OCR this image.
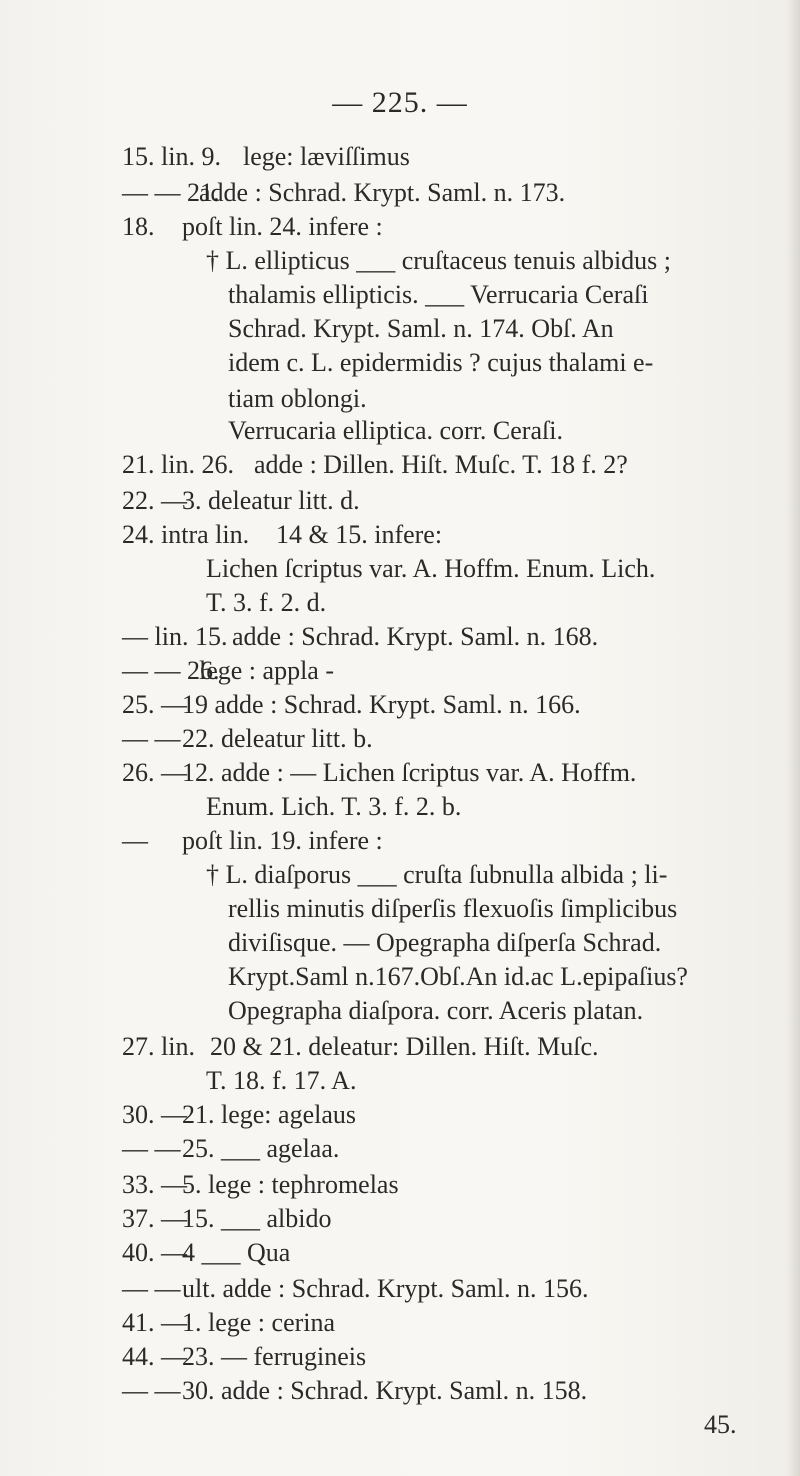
— 225. —
15. lin. 9. lege: læviſſimus
— — 21.
adde : Schrad. Krypt. Saml. n. 173.
18. poſt lin. 24. infere :
† L. ellipticus ___ cruſtaceus tenuis albidus ;
thalamis ellipticis. ___ Verrucaria Ceraſi
Schrad. Krypt. Saml. n. 174. Obſ. An
idem c. L. epidermidis ? cujus thalami e-
tiam oblongi.
Verrucaria elliptica. corr. Ceraſi.
21. lin. 26. adde : Dillen. Hiſt. Muſc. T. 18 f. 2?
22. —
3. deleatur litt. d.
24. intra lin. 14 & 15. infere:
Lichen ſcriptus var. A. Hoffm. Enum. Lich.
T. 3. f. 2. d.
— lin. 15. adde : Schrad. Krypt. Saml. n. 168.
— — 26.
lege : appla -
25. —
19 adde : Schrad. Krypt. Saml. n. 166.
— — 22. deleatur litt. b.
26. —
12. adde : — Lichen ſcriptus var. A. Hoffm.
Enum. Lich. T. 3. f. 2. b.
— poſt lin. 19. infere :
† L. diaſporus ___ cruſta ſubnulla albida ; li-
rellis minutis diſperſis flexuoſis ſimplicibus
diviſisque. — Opegrapha diſperſa Schrad.
Krypt.Saml n.167.Obſ.An id.ac L.epipaſius?
Opegrapha diaſpora. corr. Aceris platan.
27. lin. 20 & 21. deleatur: Dillen. Hiſt. Muſc.
T. 18. f. 17. A.
30. —
21. lege: agelaus
— — 25. ___ agelaa.
33. —
5. lege : tephromelas
37. —
15. ___ albido
40. —
4 ___ Qua
— — ult. adde : Schrad. Krypt. Saml. n. 156.
41. —
1. lege : cerina
44. —
23. — ferruginеis
— — 30. adde : Schrad. Krypt. Saml. n. 158.
45.
